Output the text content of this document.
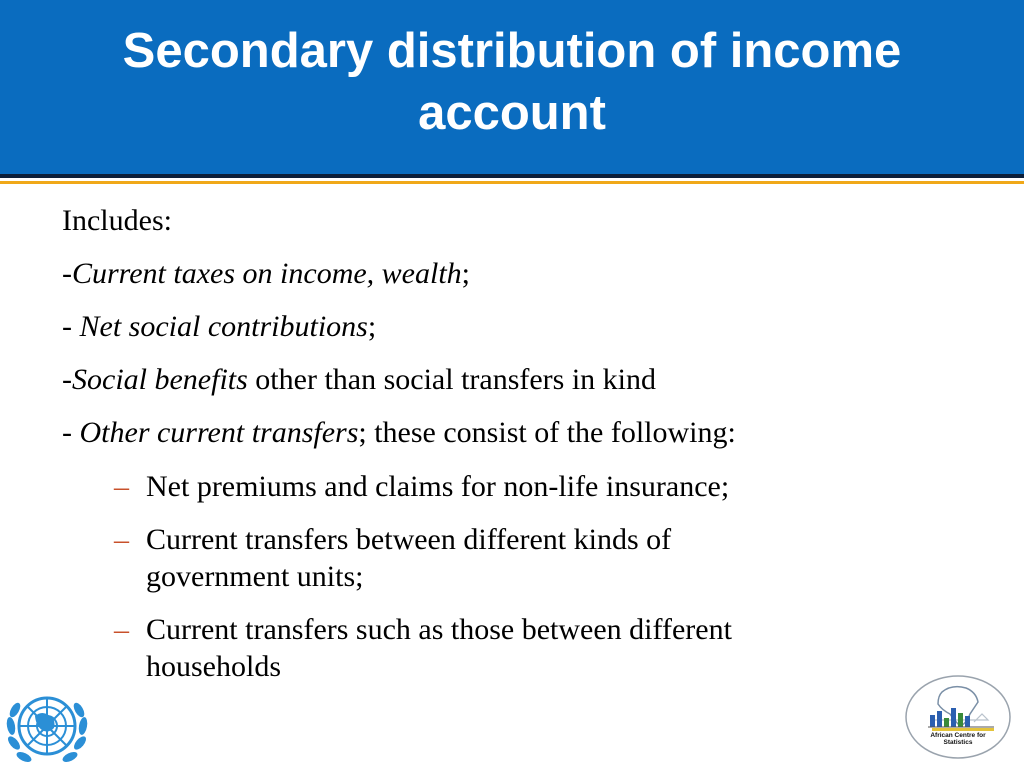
Secondary distribution of income
account
Includes:
-Current taxes on income, wealth;
- Net social contributions;
-Social benefits other than social transfers in kind
- Other current transfers; these consist of the following:
– Net premiums and claims for non-life insurance;
– Current transfers between different kinds of
government units;
– Current transfers such as those between different
households
African Centre for
Statistics
